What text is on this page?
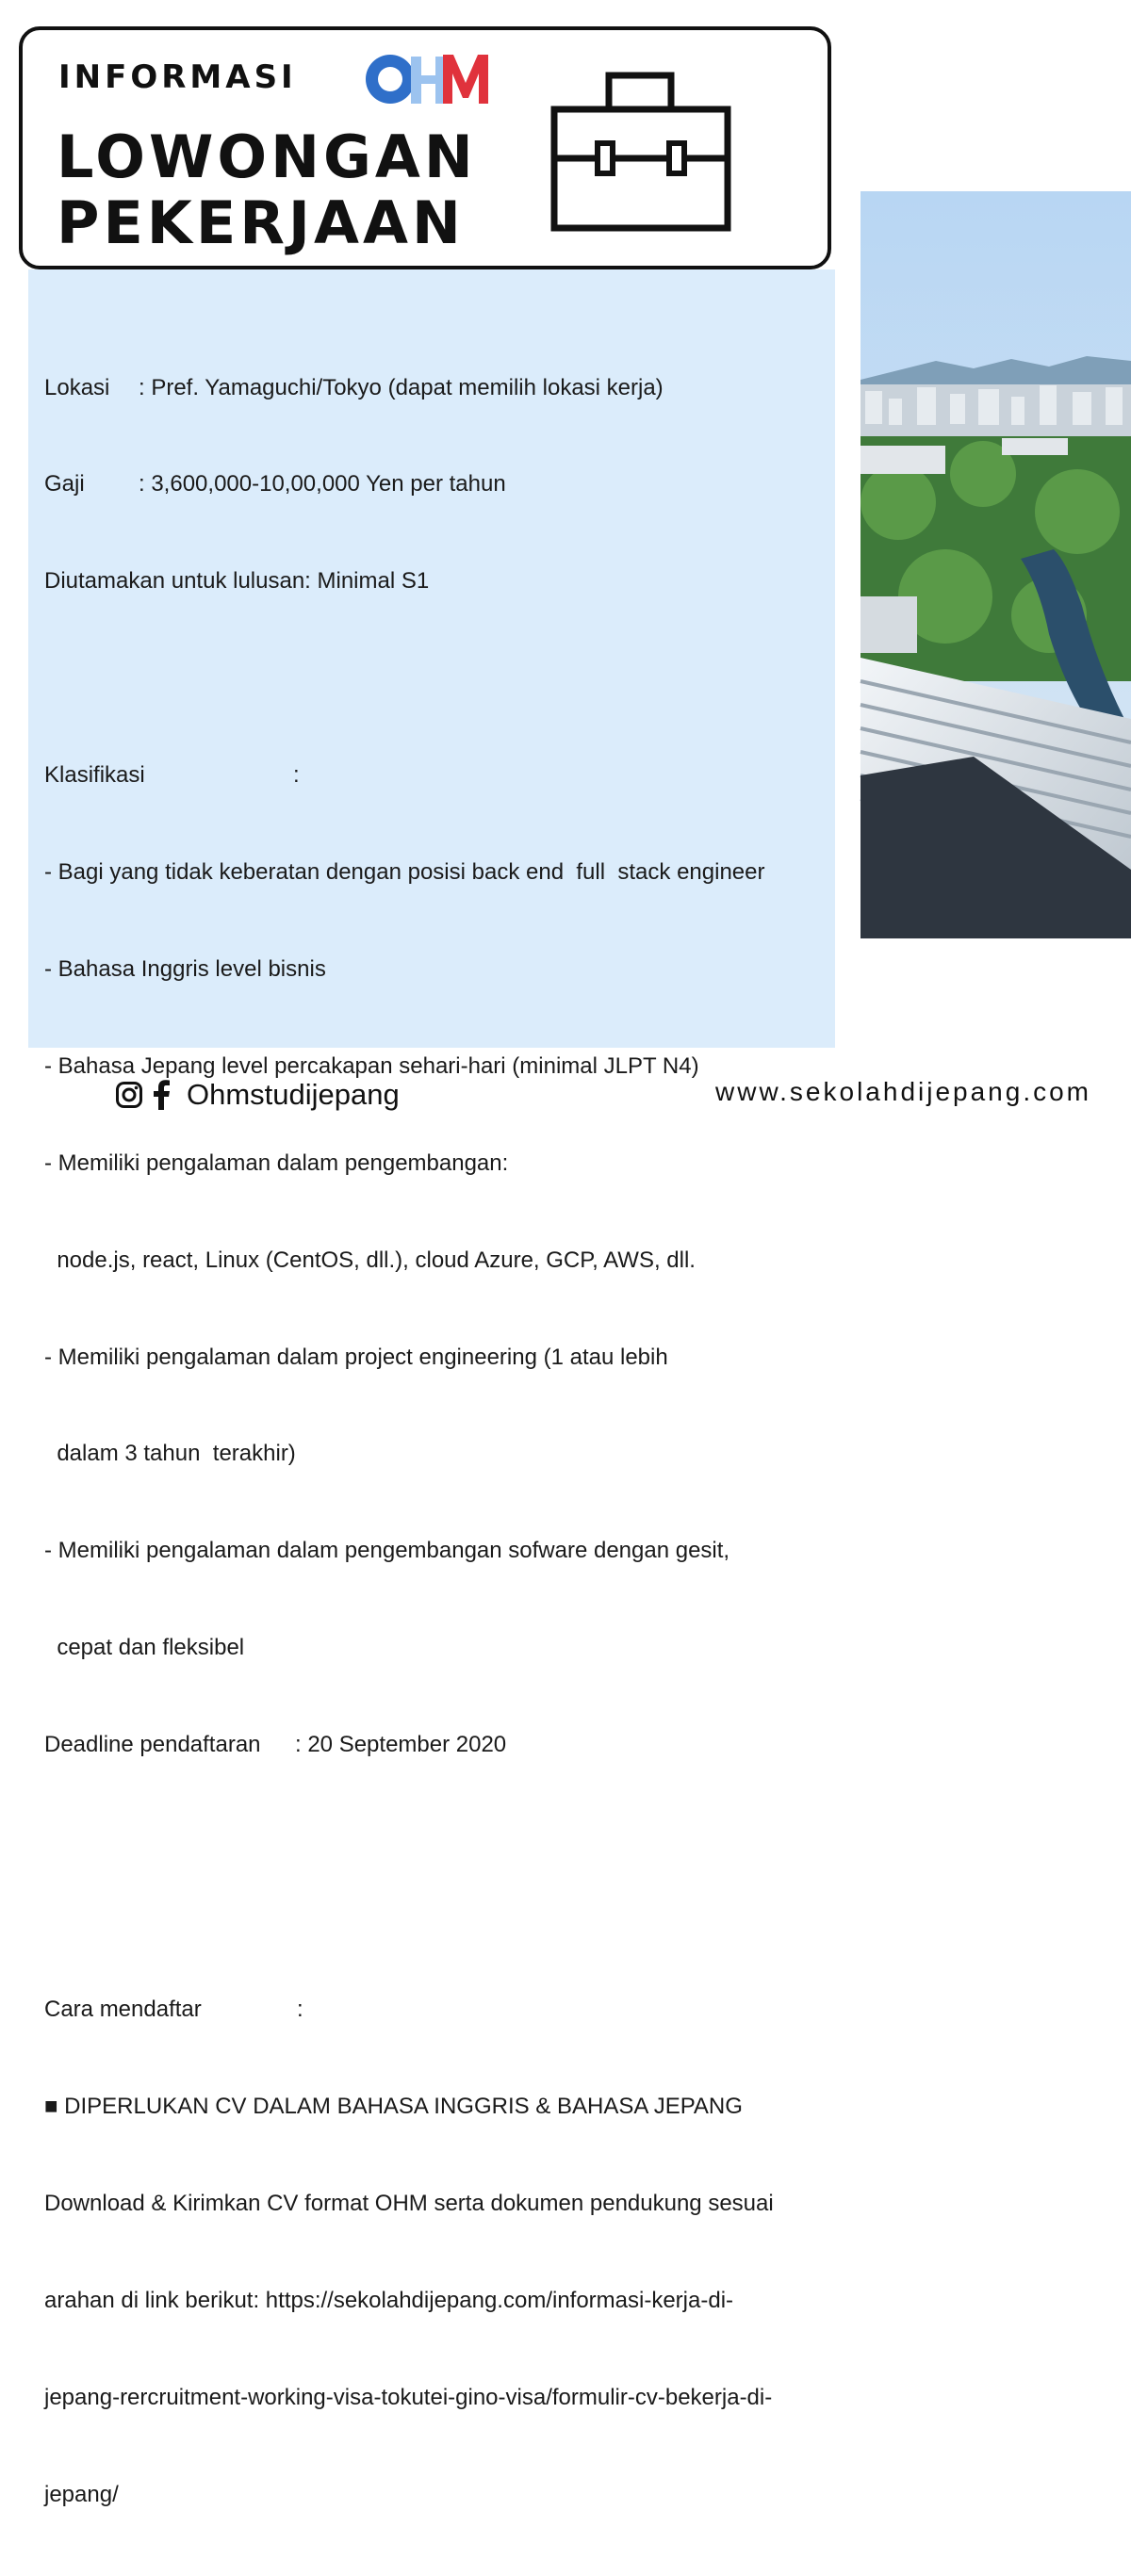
INFORMASI
OHM
LOWONGAN
PEKERJAAN

Lokasi : Pref. Yamaguchi/Tokyo (dapat memilih lokasi kerja)

Gaji : 3,600,000-10,00,000 Yen per tahun

Diutamakan untuk lulusan: Minimal S1

Klasifikasi	:

- Bagi yang tidak keberatan dengan posisi back end  full  stack engineer

- Bahasa Inggris level bisnis

- Bahasa Jepang level percakapan sehari-hari (minimal JLPT N4)

- Memiliki pengalaman dalam pengembangan:

node.js, react, Linux (CentOS, dll.), cloud Azure, GCP, AWS, dll.

- Memiliki pengalaman dalam project engineering (1 atau lebih

dalam 3 tahun  terakhir)

- Memiliki pengalaman dalam pengembangan sofware dengan gesit,

cepat dan fleksibel

Deadline pendaftaran : 20 September 2020

Cara mendaftar	:

■ DIPERLUKAN CV DALAM BAHASA INGGRIS & BAHASA JEPANG

Download & Kirimkan CV format OHM serta dokumen pendukung sesuai

arahan di link berikut: https://sekolahdijepang.com/informasi-kerja-di-

jepang-rercruitment-working-visa-tokutei-gino-visa/formulir-cv-bekerja-di-

jepang/

Ohmstudijepang	www.sekolahdijepang.com
